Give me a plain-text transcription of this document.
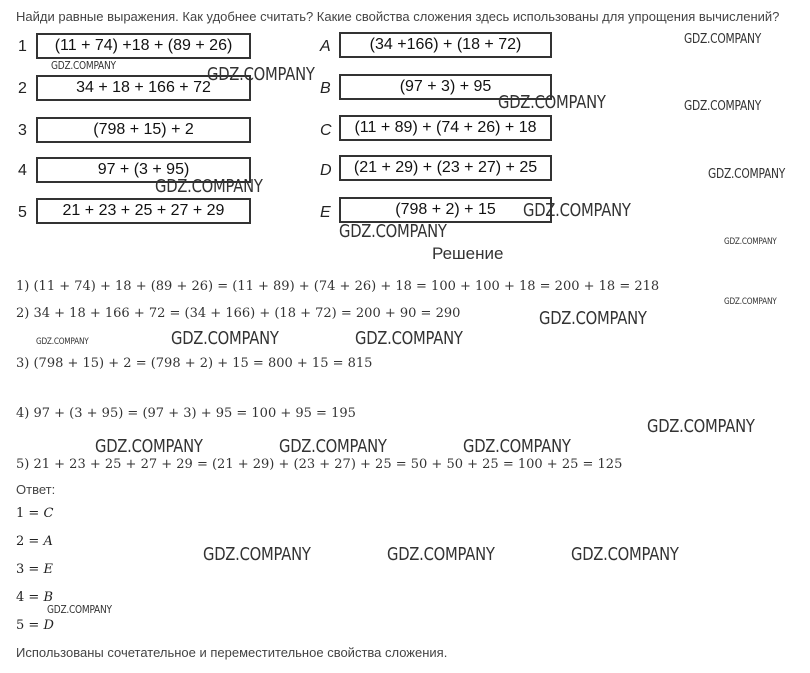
Найди равные выражения. Как удобнее считать? Какие свойства сложения здесь использованы для упрощения вычислений?
1	(11 + 74) +18 + (89 + 26)
2	34 + 18 + 166 + 72
3	(798 + 15) + 2
4	97 + (3 + 95)
5	21 + 23 + 25 + 27 + 29
A	(34 +166) + (18 + 72)
B	(97 + 3) + 95
C	(11 + 89) + (74 + 26) + 18
D	(21 + 29) + (23 + 27) + 25
E	(798 + 2) + 15
Решение
1) (11 + 74) + 18 + (89 + 26) = (11 + 89) + (74 + 26) + 18 = 100 + 100 + 18 = 200 + 18 = 218
2) 34 + 18 + 166 + 72 = (34 + 166) + (18 + 72) = 200 + 90 = 290
3) (798 + 15) + 2 = (798 + 2) + 15 = 800 + 15 = 815
4) 97 + (3 + 95) = (97 + 3) + 95 = 100 + 95 = 195
5) 21 + 23 + 25 + 27 + 29 = (21 + 29) + (23 + 27) + 25 = 50 + 50 + 25 = 100 + 25 = 125
Ответ:
1 = C
2 = A
3 = E
4 = B
5 = D
Использованы сочетательное и переместительное свойства сложения.
GDZ.COMPANY
GDZ.COMPANY
GDZ.COMPANY
GDZ.COMPANY	GDZ.COMPANY
GDZ.COMPANY
GDZ.COMPANY
GDZ.COMPANY
GDZ.COMPANY	GDZ.COMPANY
GDZ.COMPANY
GDZ.COMPANY
GDZ.COMPANY	GDZ.COMPANY
GDZ.COMPANY
GDZ.COMPANY
GDZ.COMPANY	GDZ.COMPANY	GDZ.COMPANY
GDZ.COMPANY	GDZ.COMPANY	GDZ.COMPANY
GDZ.COMPANY
